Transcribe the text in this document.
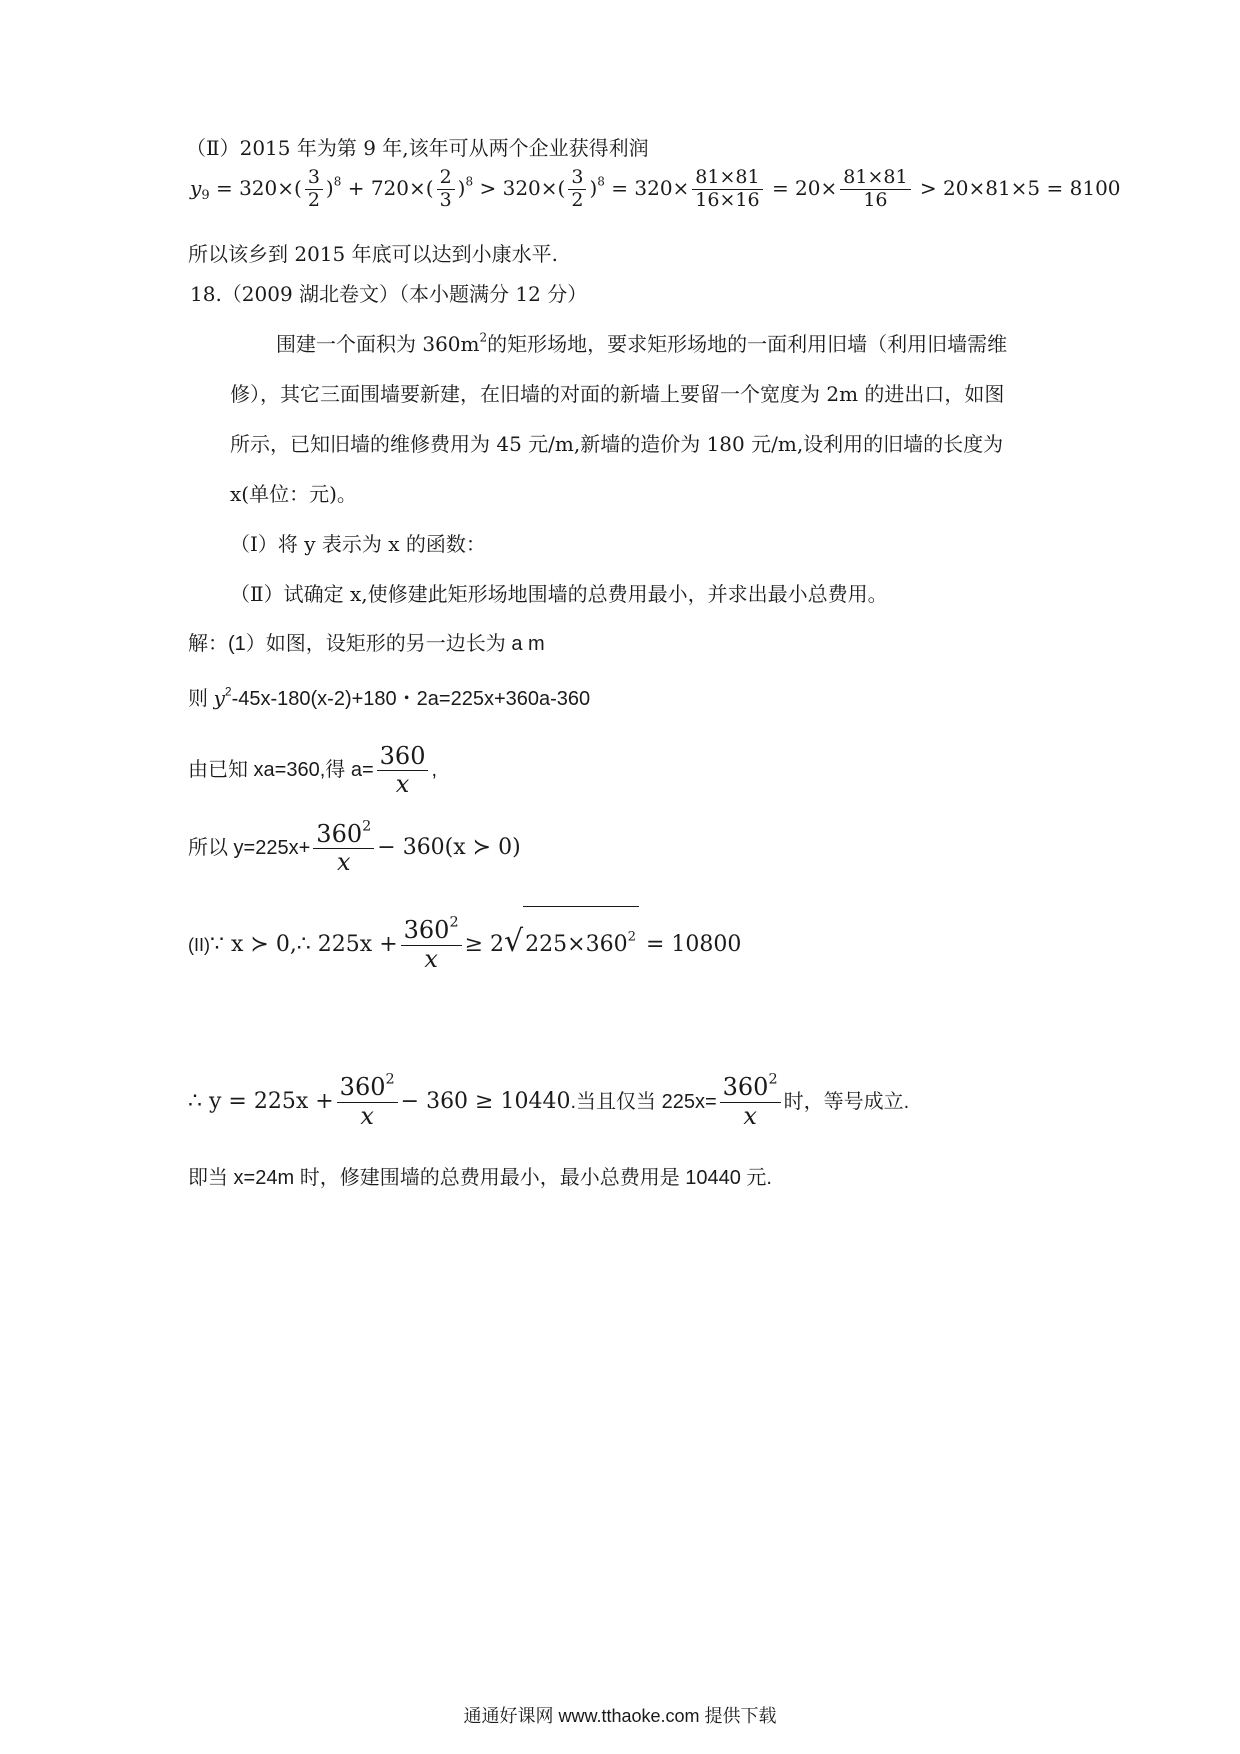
（Ⅱ）2015 年为第 9 年,该年可从两个企业获得利润
$y_9 = 320\times( \frac{3}{2} )^8 + 720\times( \frac{2}{3} )^8 > 320\times( \frac{3}{2} )^8 = 320\times \frac{81\times 81}{16\times 16} = 20\times \frac{81\times 81}{16} > 20\times 81\times 5 = 8100$
所以该乡到 2015 年底可以达到小康水平.
18.（2009 湖北卷文）（本小题满分 12 分）
围建一个面积为 $360m^2$的矩形场地，要求矩形场地的一面利用旧墙（利用旧墙需维
修），其它三面围墙要新建，在旧墙的对面的新墙上要留一个宽度为 2m 的进出口，如图
所示，已知旧墙的维修费用为 45 元/m,新墙的造价为 180 元/m,设利用的旧墙的长度为
x(单位：元)。
（Ⅰ）将 y 表示为 x 的函数：
（Ⅱ）试确定 x,使修建此矩形场地围墙的总费用最小，并求出最小总费用。
解：(1）如图，设矩形的另一边长为 a m
则 $y^2-45x-180(x-2)+180$・2a=225x+360a-360
由已知 xa=360,得 $a= \frac{360}{x}$ ,
所以 $y=225x+ \frac{360^2}{x} - 360(x$ ≻ 0)
(II)∵ x ≻ 0,∴ $225x + \frac{360^2}{x} \ge 2√225\times 360^2 = 10800$
∴ $y = 225x + \frac{360^2}{x} - 360 \ge 10440$.当且仅当 $225x= \frac{360^2}{x}$ 时，等号成立.
即当 x=24m 时，修建围墙的总费用最小，最小总费用是 10440 元.
通通好课网 www.tthaoke.com 提供下载
